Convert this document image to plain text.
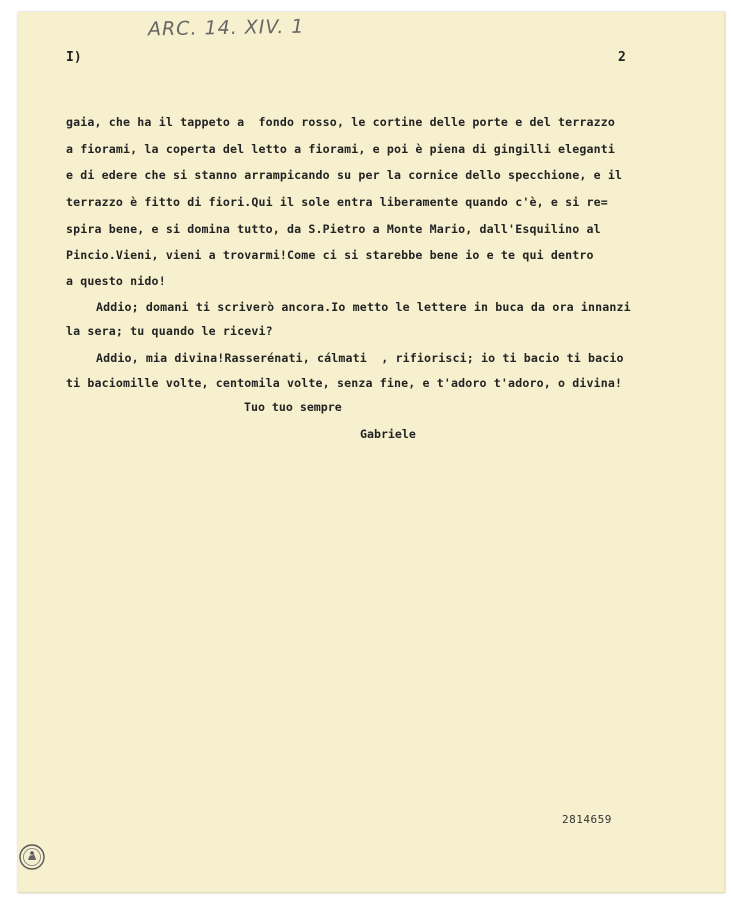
ARC. 14. XIV. 1
I)	2
gaia, che ha il tappeto a  fondo rosso, le cortine delle porte e del terrazzo
a fiorami, la coperta del letto a fiorami, e poi è piena di gingilli eleganti
e di edere che si stanno arrampicando su per la cornice dello specchione, e il
terrazzo è fitto di fiori.Qui il sole entra liberamente quando c'è, e si re=
spira bene, e si domina tutto, da S.Pietro a Monte Mario, dall'Esquilino al
Pincio.Vieni, vieni a trovarmi!Come ci si starebbe bene io e te qui dentro
a questo nido!
Addio; domani ti scriverò ancora.Io metto le lettere in buca da ora innanzi
la sera; tu quando le ricevi?
Addio, mia divina!Rasserénati, cálmati  , rifiorisci; io ti bacio ti bacio
ti baciomille volte, centomila volte, senza fine, e t'adoro t'adoro, o divina!
Tuo tuo sempre
Gabriele
2814659
